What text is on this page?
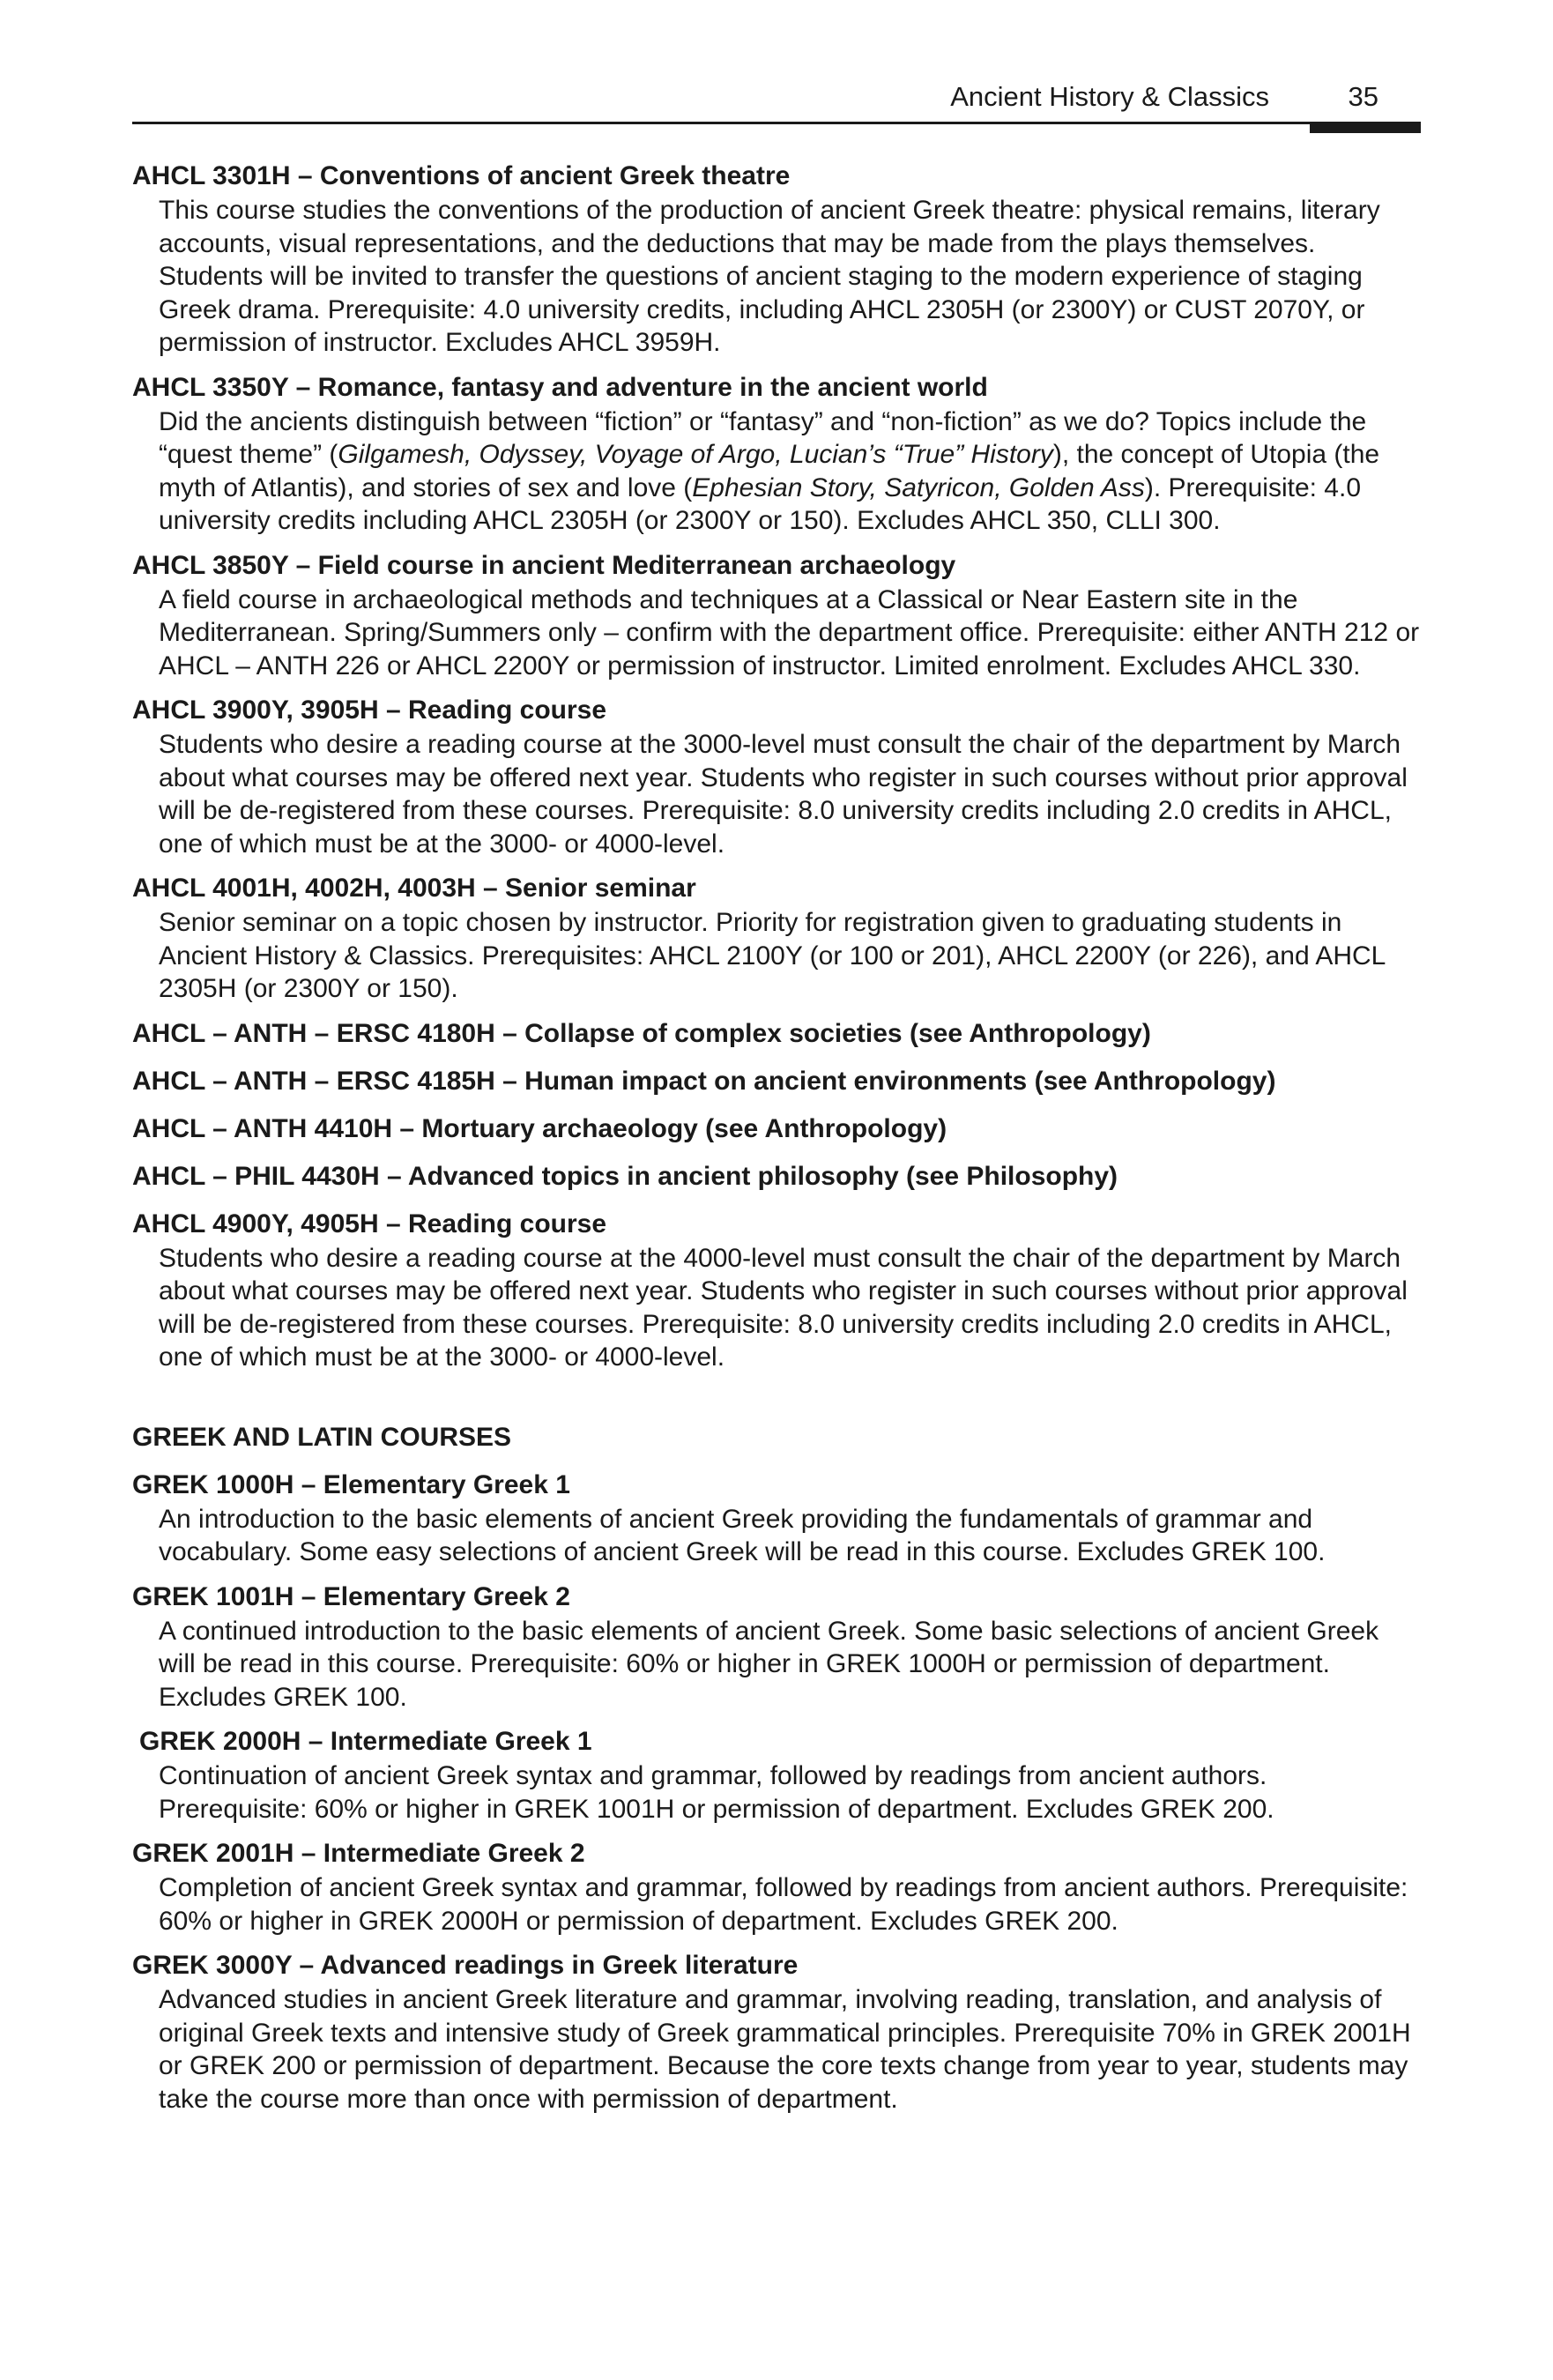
Ancient History & Classics	35

AHCL 3301H – Conventions of ancient Greek theatre

This course studies the conventions of the production of ancient Greek theatre: physical remains, literary accounts, visual representations, and the deductions that may be made from the plays themselves. Students will be invited to transfer the questions of ancient staging to the modern experience of staging Greek drama. Prerequisite: 4.0 university credits, including AHCL 2305H (or 2300Y) or CUST 2070Y, or permission of instructor. Excludes AHCL 3959H.

AHCL 3350Y – Romance, fantasy and adventure in the ancient world

Did the ancients distinguish between “fiction” or “fantasy” and “non-fiction” as we do? Topics include the “quest theme” (Gilgamesh, Odyssey, Voyage of Argo, Lucian’s “True” History), the concept of Utopia (the myth of Atlantis), and stories of sex and love (Ephesian Story, Satyricon, Golden Ass). Prerequisite: 4.0 university credits including AHCL 2305H (or 2300Y or 150). Excludes AHCL 350, CLLI 300.

AHCL 3850Y – Field course in ancient Mediterranean archaeology

A field course in archaeological methods and techniques at a Classical or Near Eastern site in the Mediterranean. Spring/Summers only – confirm with the department office. Prerequisite: either ANTH 212 or AHCL – ANTH 226 or AHCL 2200Y or permission of instructor. Limited enrolment. Excludes AHCL 330.

AHCL 3900Y, 3905H – Reading course

Students who desire a reading course at the 3000-level must consult the chair of the department by March about what courses may be offered next year. Students who register in such courses without prior approval will be de-registered from these courses. Prerequisite: 8.0 university credits including 2.0 credits in AHCL, one of which must be at the 3000- or 4000-level.

AHCL 4001H, 4002H, 4003H – Senior seminar

Senior seminar on a topic chosen by instructor. Priority for registration given to graduating students in Ancient History & Classics. Prerequisites: AHCL 2100Y (or 100 or 201), AHCL 2200Y (or 226), and AHCL 2305H (or 2300Y or 150).

AHCL – ANTH – ERSC 4180H – Collapse of complex societies (see Anthropology)

AHCL – ANTH – ERSC 4185H – Human impact on ancient environments (see Anthropology)

AHCL – ANTH 4410H – Mortuary archaeology (see Anthropology)

AHCL – PHIL 4430H – Advanced topics in ancient philosophy (see Philosophy)

AHCL 4900Y, 4905H – Reading course

Students who desire a reading course at the 4000-level must consult the chair of the department by March about what courses may be offered next year. Students who register in such courses without prior approval will be de-registered from these courses. Prerequisite: 8.0 university credits including 2.0 credits in AHCL, one of which must be at the 3000- or 4000-level.

GREEK AND LATIN COURSES

GREK 1000H – Elementary Greek 1

An introduction to the basic elements of ancient Greek providing the fundamentals of grammar and vocabulary. Some easy selections of ancient Greek will be read in this course. Excludes GREK 100.

GREK 1001H – Elementary Greek 2

A continued introduction to the basic elements of ancient Greek. Some basic selections of ancient Greek will be read in this course. Prerequisite: 60% or higher in GREK 1000H or permission of department. Excludes GREK 100.

GREK 2000H – Intermediate Greek 1

Continuation of ancient Greek syntax and grammar, followed by readings from ancient authors. Prerequisite: 60% or higher in GREK 1001H or permission of department. Excludes GREK 200.

GREK 2001H – Intermediate Greek 2

Completion of ancient Greek syntax and grammar, followed by readings from ancient authors. Prerequisite: 60% or higher in GREK 2000H or permission of department. Excludes GREK 200.

GREK 3000Y – Advanced readings in Greek literature

Advanced studies in ancient Greek literature and grammar, involving reading, translation, and analysis of original Greek texts and intensive study of Greek grammatical principles. Prerequisite 70% in GREK 2001H or GREK 200 or permission of department. Because the core texts change from year to year, students may take the course more than once with permission of department.
